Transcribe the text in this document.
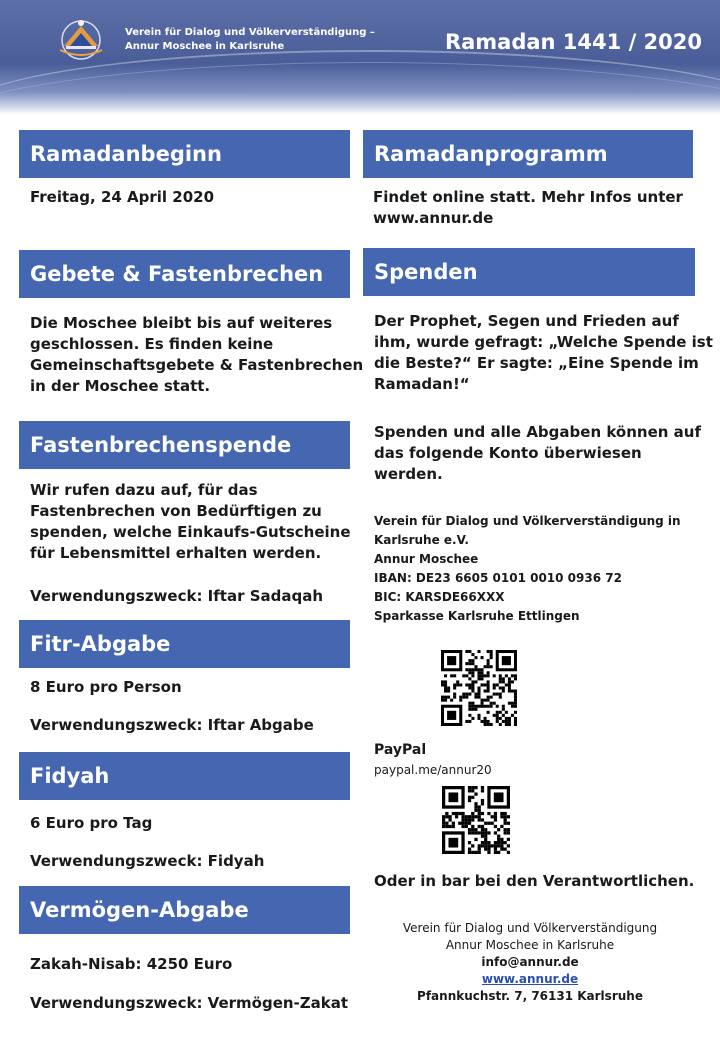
Verein für Dialog und Völkerverständigung –
Annur Moschee in Karlsruhe	Ramadan 1441 / 2020
Ramadanbeginn
Freitag, 24 April 2020
Gebete & Fastenbrechen
Die Moschee bleibt bis auf weiteres
geschlossen. Es finden keine
Gemeinschaftsgebete & Fastenbrechen
in der Moschee statt.
Fastenbrechenspende
Wir rufen dazu auf, für das
Fastenbrechen von Bedürftigen zu
spenden, welche Einkaufs-Gutscheine
für Lebensmittel erhalten werden.
Verwendungszweck: Iftar Sadaqah
Fitr-Abgabe
8 Euro pro Person
Verwendungszweck: Iftar Abgabe
Fidyah
6 Euro pro Tag
Verwendungszweck: Fidyah
Vermögen-Abgabe
Zakah-Nisab: 4250 Euro
Verwendungszweck: Vermögen-Zakat
Ramadanprogramm
Findet online statt. Mehr Infos unter
www.annur.de
Spenden
Der Prophet, Segen und Frieden auf
ihm, wurde gefragt: „Welche Spende ist
die Beste?“ Er sagte: „Eine Spende im
Ramadan!“
Spenden und alle Abgaben können auf
das folgende Konto überwiesen
werden.
Verein für Dialog und Völkerverständigung in
Karlsruhe e.V.
Annur Moschee
IBAN: DE23 6605 0101 0010 0936 72
BIC: KARSDE66XXX
Sparkasse Karlsruhe Ettlingen
PayPal
paypal.me/annur20
Oder in bar bei den Verantwortlichen.
Verein für Dialog und Völkerverständigung
Annur Moschee in Karlsruhe
info@annur.de
www.annur.de
Pfannkuchstr. 7, 76131 Karlsruhe
